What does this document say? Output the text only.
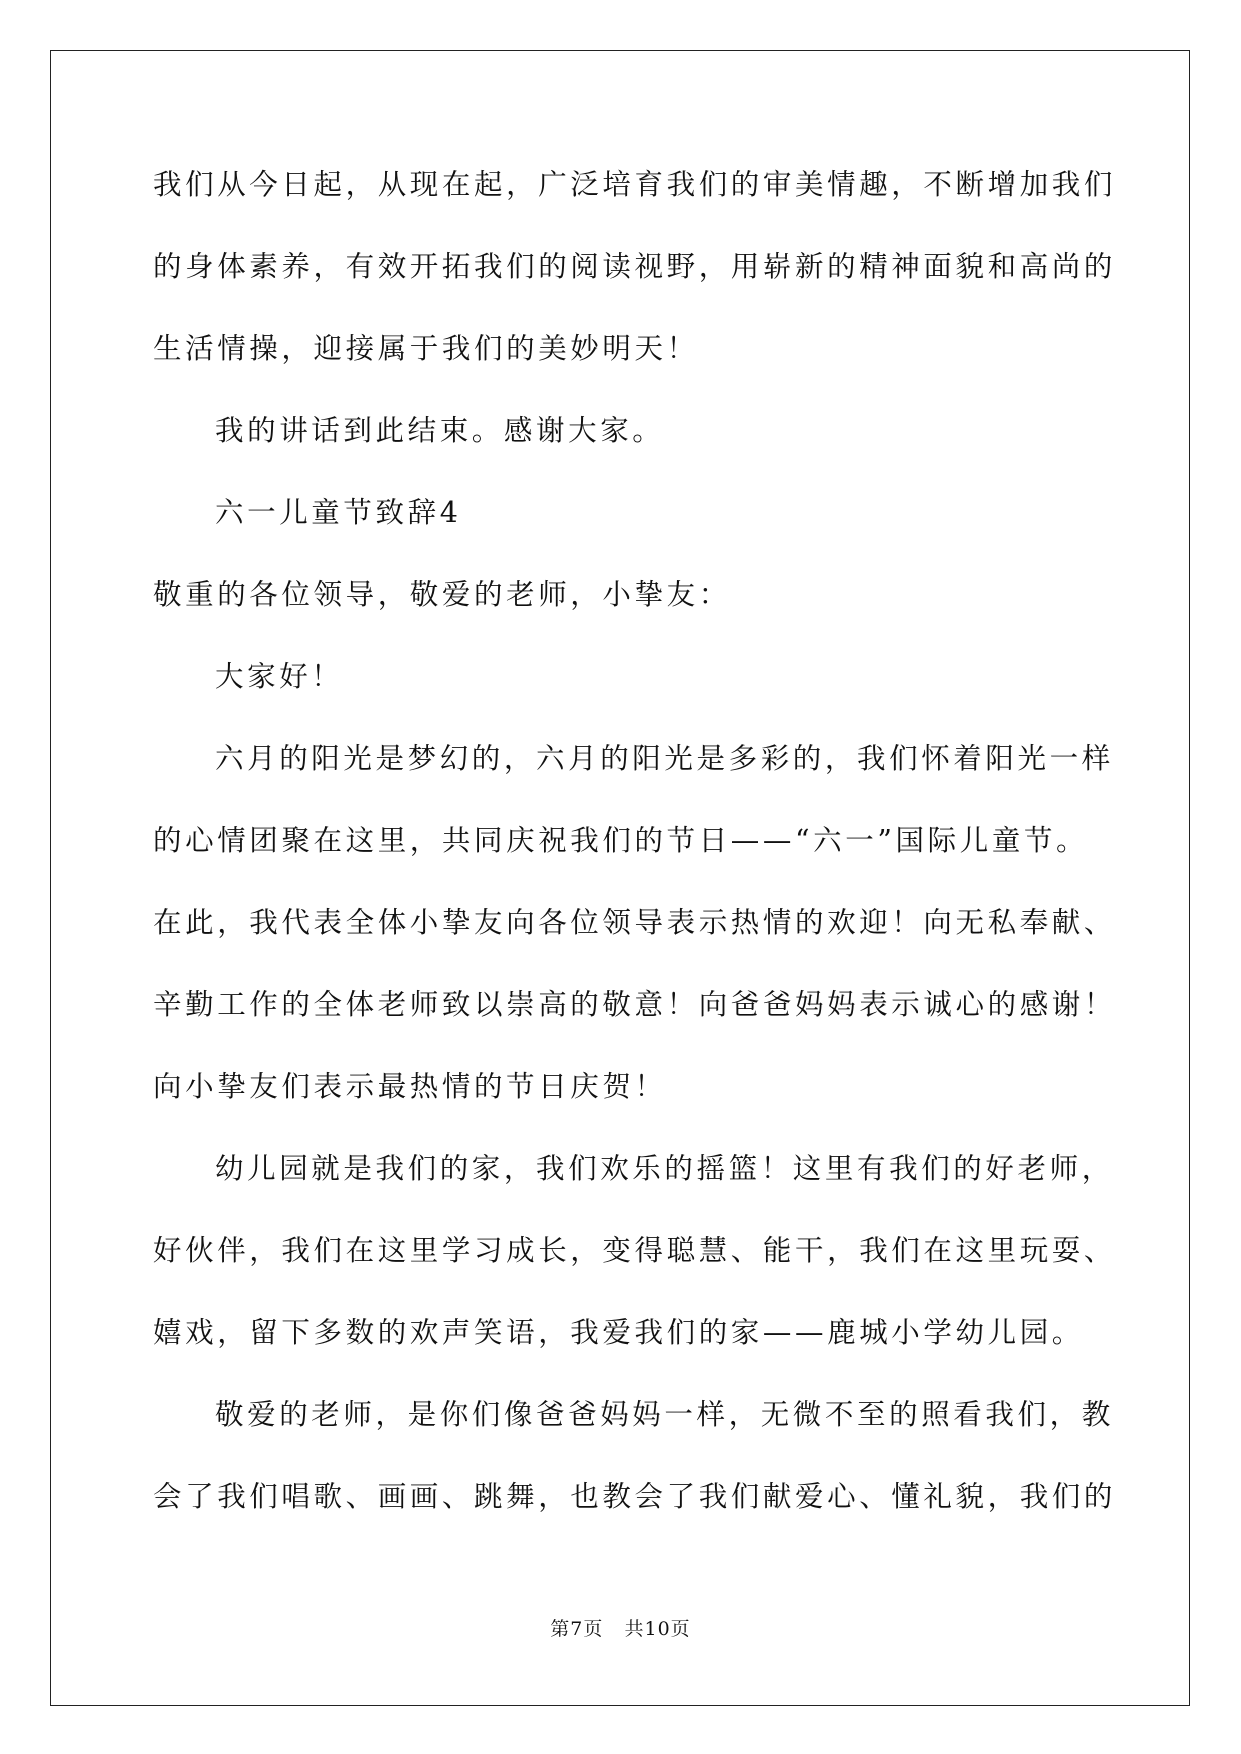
我们从今日起，从现在起，广泛培育我们的审美情趣，不断增加我们
的身体素养，有效开拓我们的阅读视野，用崭新的精神面貌和高尚的
生活情操，迎接属于我们的美妙明天！
我的讲话到此结束。感谢大家。
六一儿童节致辞4
敬重的各位领导，敬爱的老师，小挚友：
大家好！
六月的阳光是梦幻的，六月的阳光是多彩的，我们怀着阳光一样
的心情团聚在这里，共同庆祝我们的节日——“六一”国际儿童节。
在此，我代表全体小挚友向各位领导表示热情的欢迎！向无私奉献、
辛勤工作的全体老师致以崇高的敬意！向爸爸妈妈表示诚心的感谢！
向小挚友们表示最热情的节日庆贺！
幼儿园就是我们的家，我们欢乐的摇篮！这里有我们的好老师，
好伙伴，我们在这里学习成长，变得聪慧、能干，我们在这里玩耍、
嬉戏，留下多数的欢声笑语，我爱我们的家——鹿城小学幼儿园。
敬爱的老师，是你们像爸爸妈妈一样，无微不至的照看我们，教
会了我们唱歌、画画、跳舞，也教会了我们献爱心、懂礼貌，我们的
第7页   共10页
